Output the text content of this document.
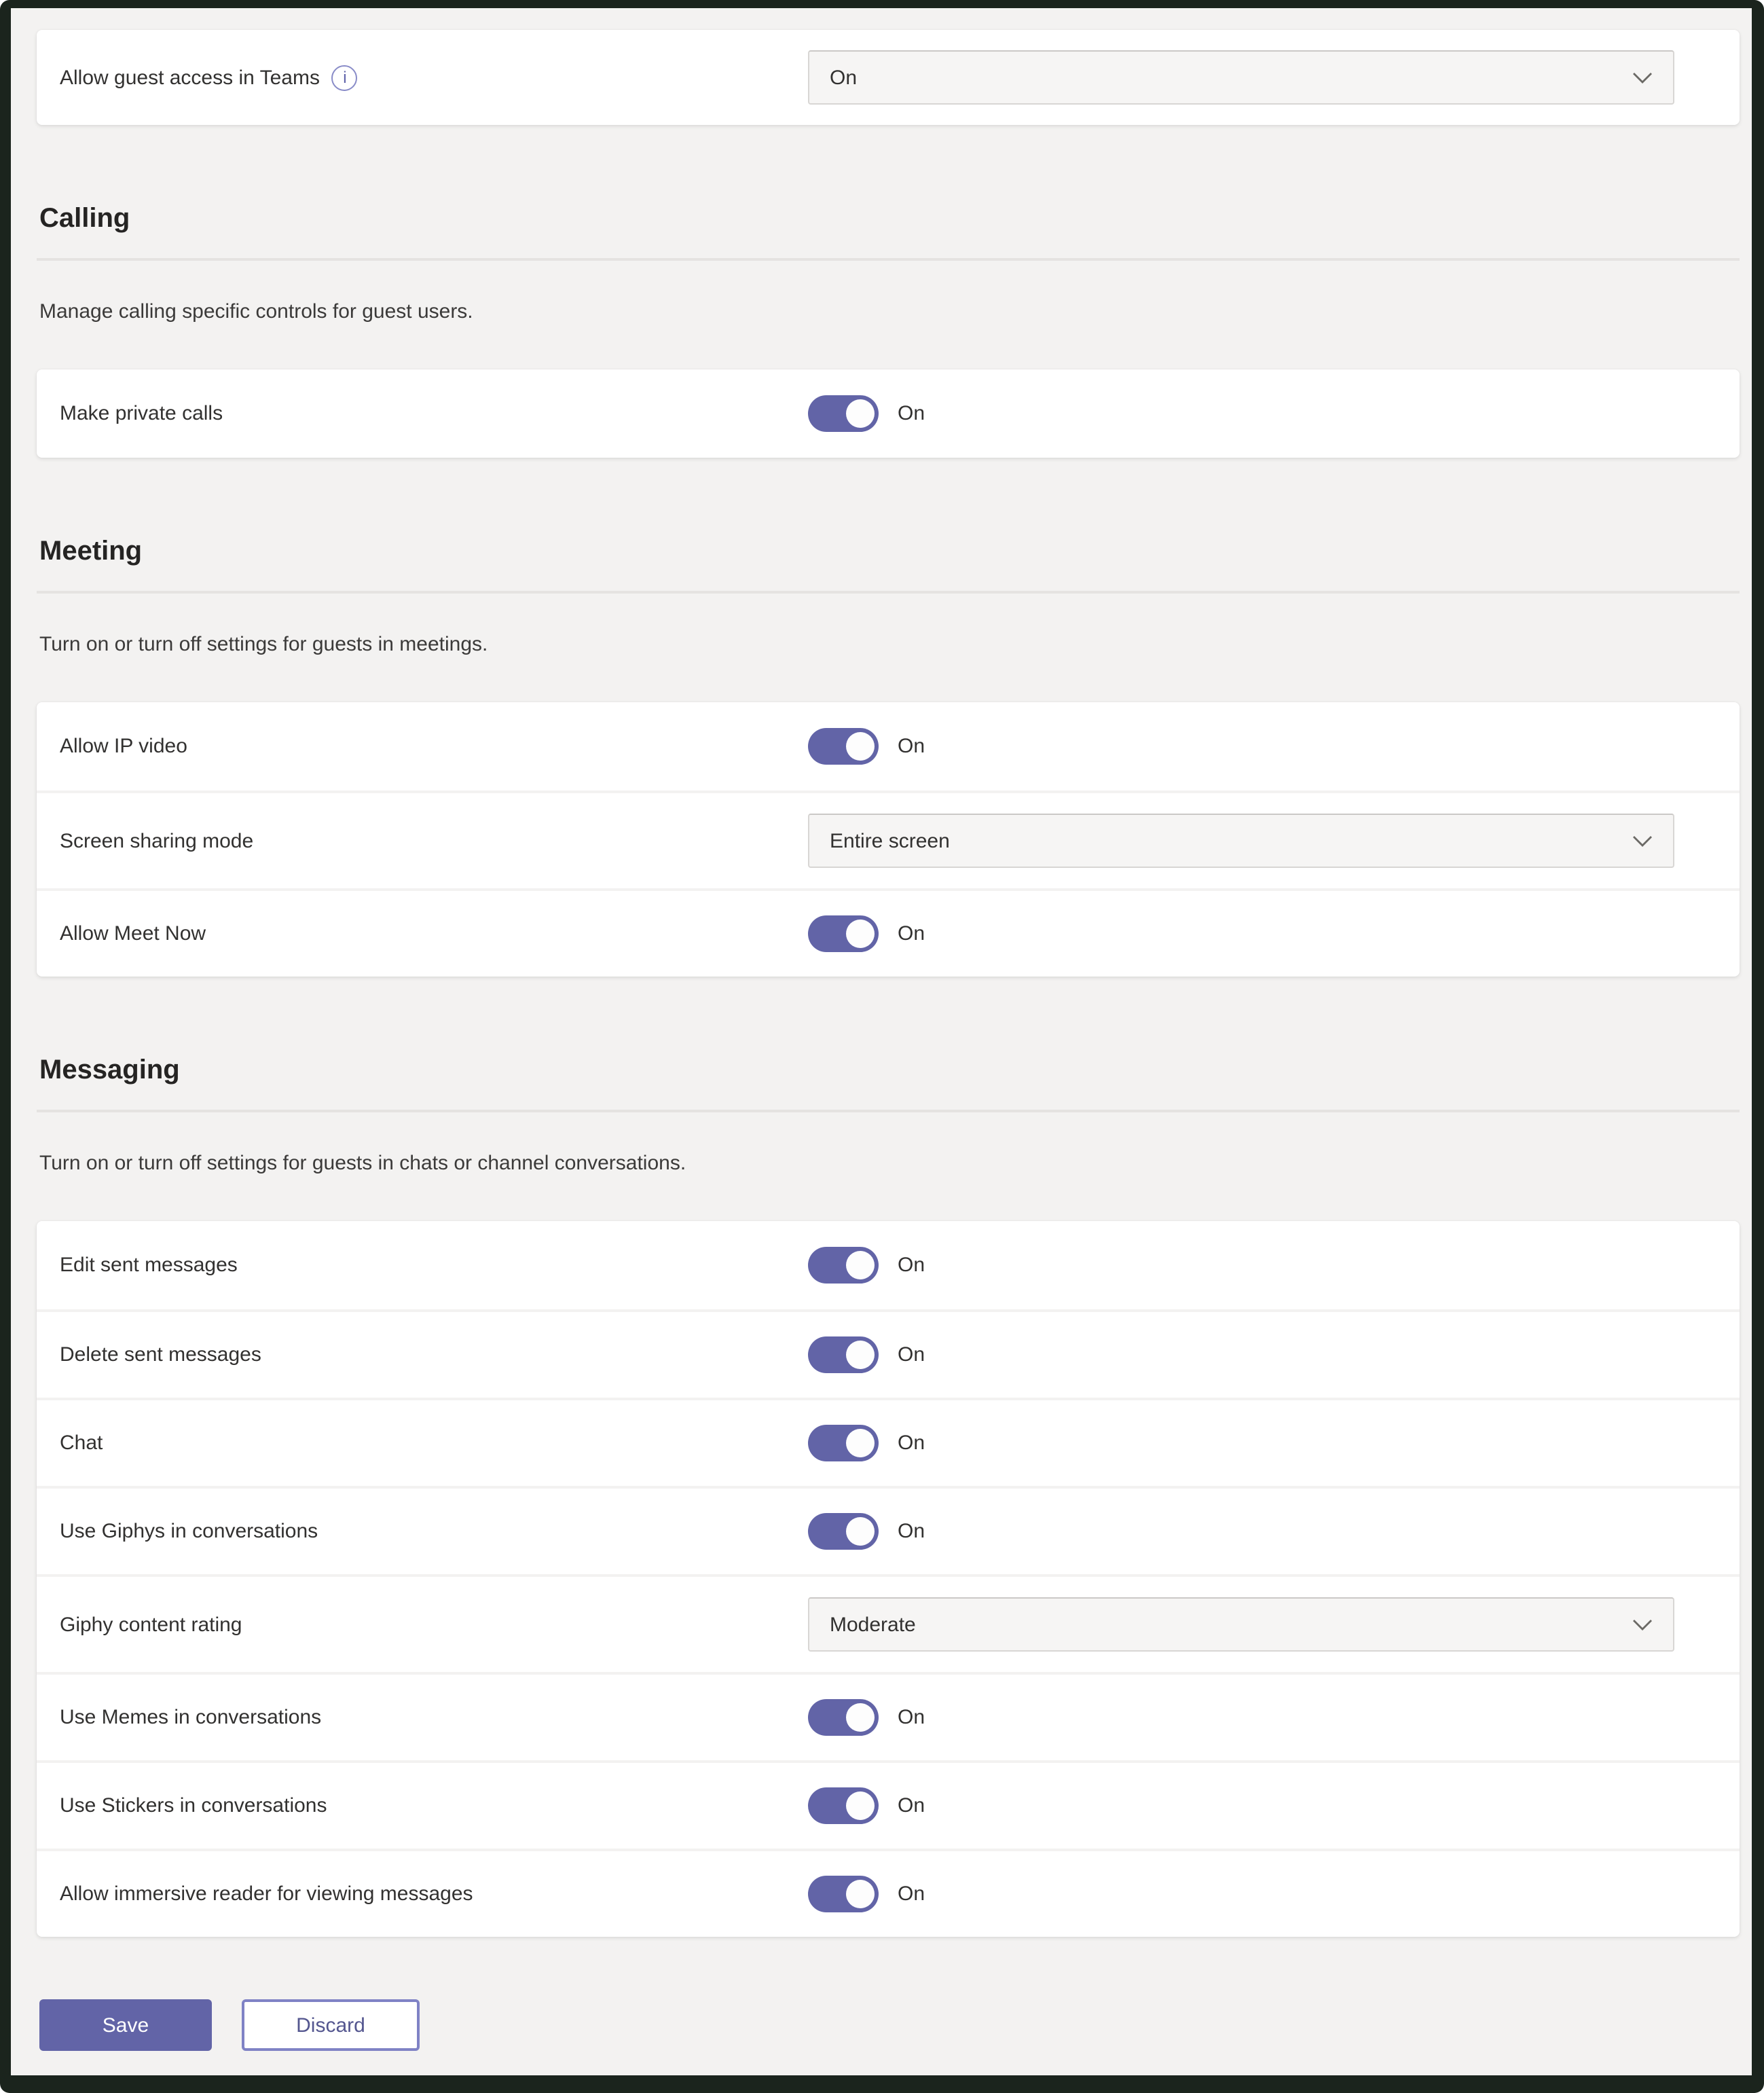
Allow guest access in Teams	i	On
Calling

Manage calling specific controls for guest users.

Make private calls	On
Meeting

Turn on or turn off settings for guests in meetings.

Allow IP video	On
Screen sharing mode	Entire screen
Allow Meet Now	On
Messaging

Turn on or turn off settings for guests in chats or channel conversations.

Edit sent messages	On
Delete sent messages	On
Chat	On
Use Giphys in conversations	On
Giphy content rating	Moderate
Use Memes in conversations	On
Use Stickers in conversations	On
Allow immersive reader for viewing messages	On
Save	Discard
